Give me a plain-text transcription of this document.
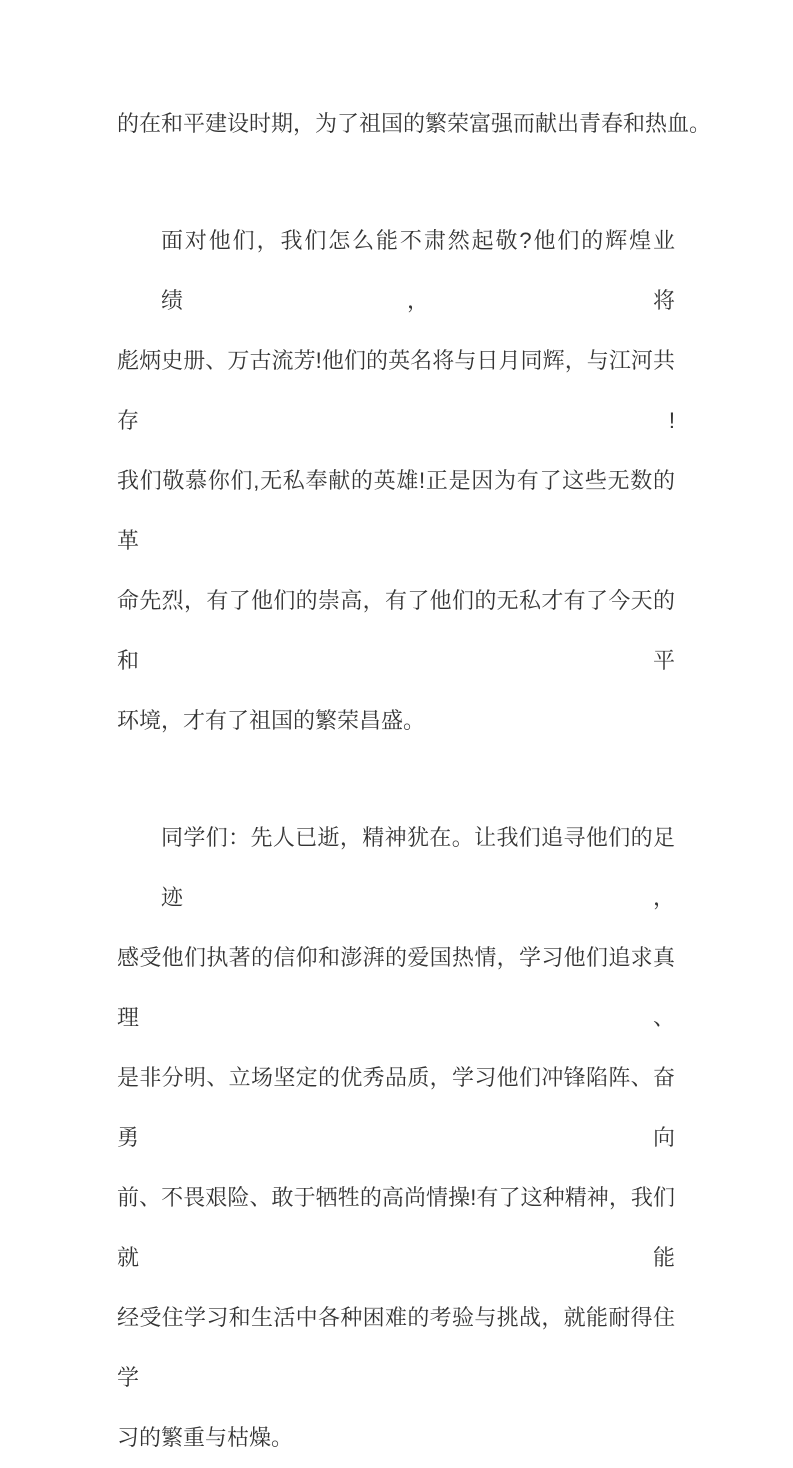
的在和平建设时期，为了祖国的繁荣富强而献出青春和热血。
面对他们，我们怎么能不肃然起敬?他们的辉煌业绩，将
彪炳史册、万古流芳!他们的英名将与日月同辉，与江河共存!
我们敬慕你们,无私奉献的英雄!正是因为有了这些无数的革
命先烈，有了他们的崇高，有了他们的无私才有了今天的和平
环境，才有了祖国的繁荣昌盛。
同学们：先人已逝，精神犹在。让我们追寻他们的足迹，
感受他们执著的信仰和澎湃的爱国热情，学习他们追求真理、
是非分明、立场坚定的优秀品质，学习他们冲锋陷阵、奋勇向
前、不畏艰险、敢于牺牲的高尚情操!有了这种精神，我们就能
经受住学习和生活中各种困难的考验与挑战，就能耐得住学
习的繁重与枯燥。
